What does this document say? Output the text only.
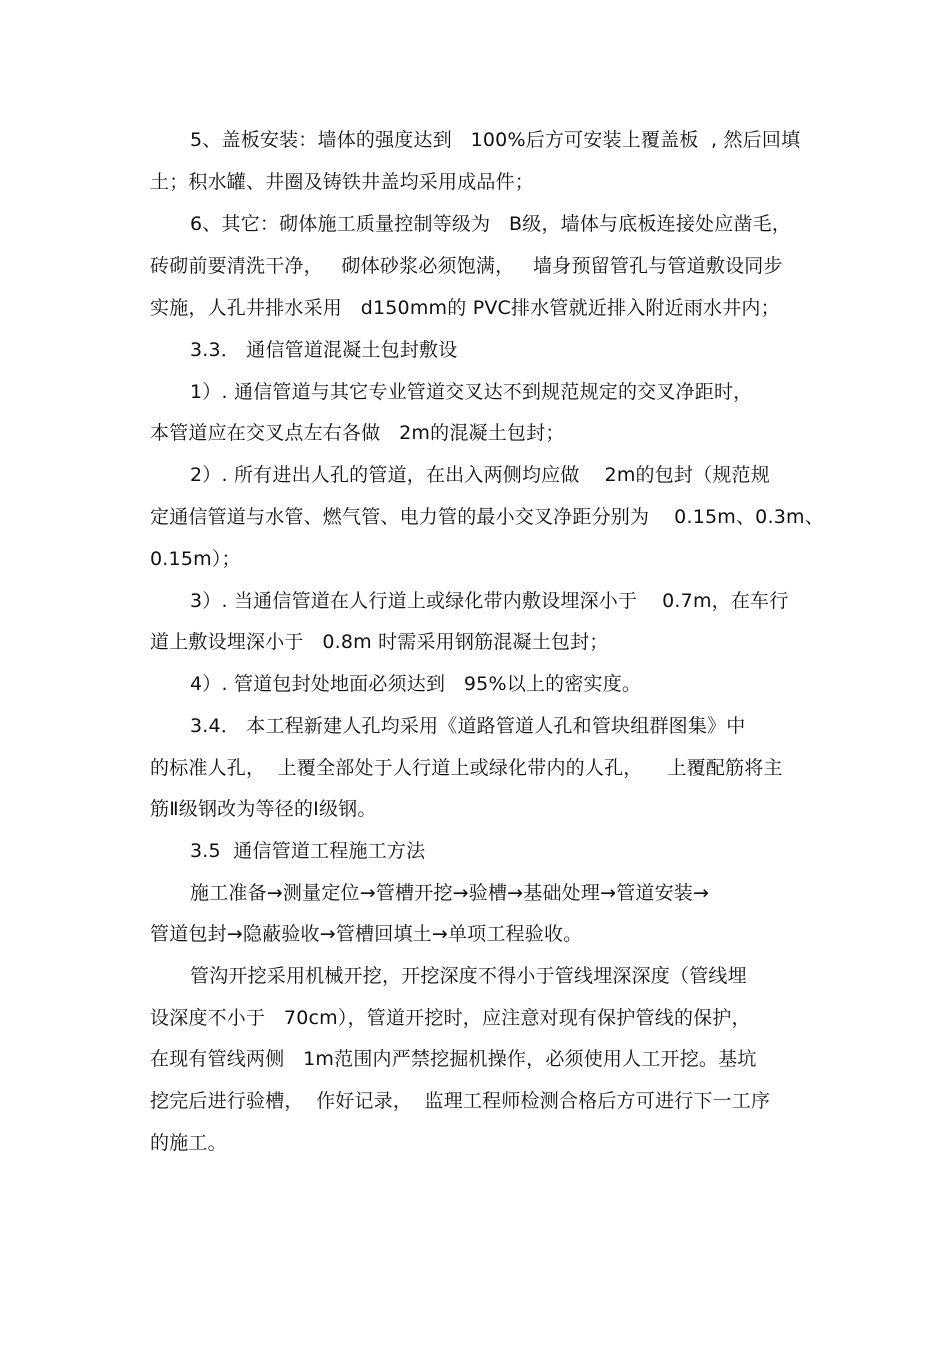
5、盖板安装：墙体的强度达到   100%后方可安装上覆盖板  , 然后回填
土；积水罐、井圈及铸铁井盖均采用成品件；
6、其它：砌体施工质量控制等级为   B级，墙体与底板连接处应凿毛，
砖砌前要清洗干净，   砌体砂浆必须饱满，   墙身预留管孔与管道敷设同步
实施，人孔井排水采用   d150mm的 PVC排水管就近排入附近雨水井内；
3.3． 通信管道混凝土包封敷设
1）. 通信管道与其它专业管道交叉达不到规范规定的交叉净距时，
本管道应在交叉点左右各做   2m的混凝土包封；
2）. 所有进出人孔的管道，在出入两侧均应做    2m的包封（规范规
定通信管道与水管、燃气管、电力管的最小交叉净距分别为    0.15m、0.3m、
0.15m）；
3）. 当通信管道在人行道上或绿化带内敷设埋深小于    0.7m，在车行
道上敷设埋深小于   0.8m 时需采用钢筋混凝土包封；
4）. 管道包封处地面必须达到   95%以上的密实度。
3.4． 本工程新建人孔均采用《道路管道人孔和管块组群图集》中
的标准人孔，  上覆全部处于人行道上或绿化带内的人孔，    上覆配筋将主
筋Ⅱ级钢改为等径的Ⅰ级钢。
3.5  通信管道工程施工方法
施工准备→测量定位→管槽开挖→验槽→基础处理→管道安装→
管道包封→隐蔽验收→管槽回填土→单项工程验收。
管沟开挖采用机械开挖，开挖深度不得小于管线埋深深度（管线埋
设深度不小于   70cm），管道开挖时，应注意对现有保护管线的保护，
在现有管线两侧   1m范围内严禁挖掘机操作，必须使用人工开挖。基坑
挖完后进行验槽，  作好记录，  监理工程师检测合格后方可进行下一工序
的施工。
